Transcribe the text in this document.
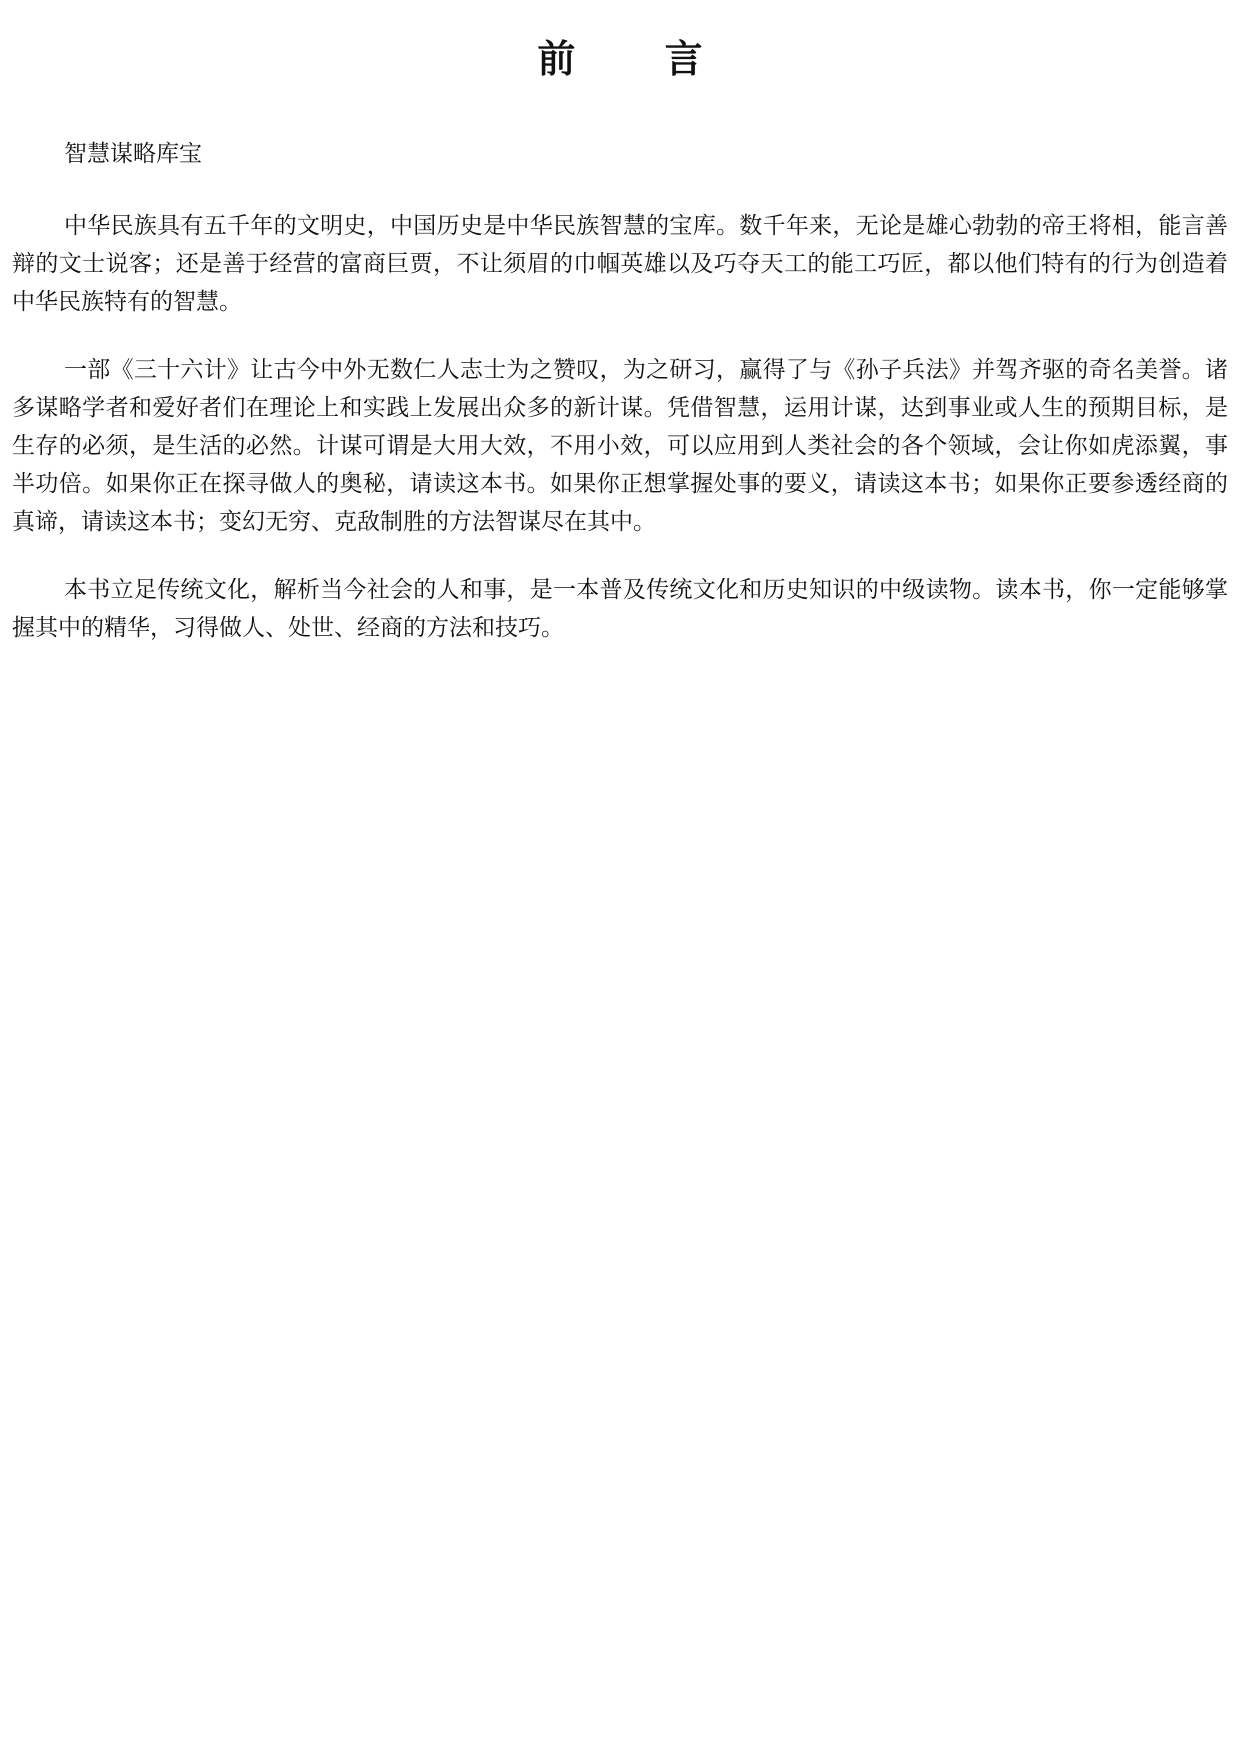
前 言

智慧谋略库宝

中华民族具有五千年的文明史，中国历史是中华民族智慧的宝库。数千年来，无论是雄心勃勃的帝王将相，能言善辩的文士说客；还是善于经营的富商巨贾，不让须眉的巾帼英雄以及巧夺天工的能工巧匠，都以他们特有的行为创造着中华民族特有的智慧。

一部《三十六计》让古今中外无数仁人志士为之赞叹，为之研习，赢得了与《孙子兵法》并驾齐驱的奇名美誉。诸多谋略学者和爱好者们在理论上和实践上发展出众多的新计谋。凭借智慧，运用计谋，达到事业或人生的预期目标，是生存的必须，是生活的必然。计谋可谓是大用大效，不用小效，可以应用到人类社会的各个领域，会让你如虎添翼，事半功倍。如果你正在探寻做人的奥秘，请读这本书。如果你正想掌握处事的要义，请读这本书；如果你正要参透经商的真谛，请读这本书；变幻无穷、克敌制胜的方法智谋尽在其中。

本书立足传统文化，解析当今社会的人和事，是一本普及传统文化和历史知识的中级读物。读本书，你一定能够掌握其中的精华，习得做人、处世、经商的方法和技巧。
